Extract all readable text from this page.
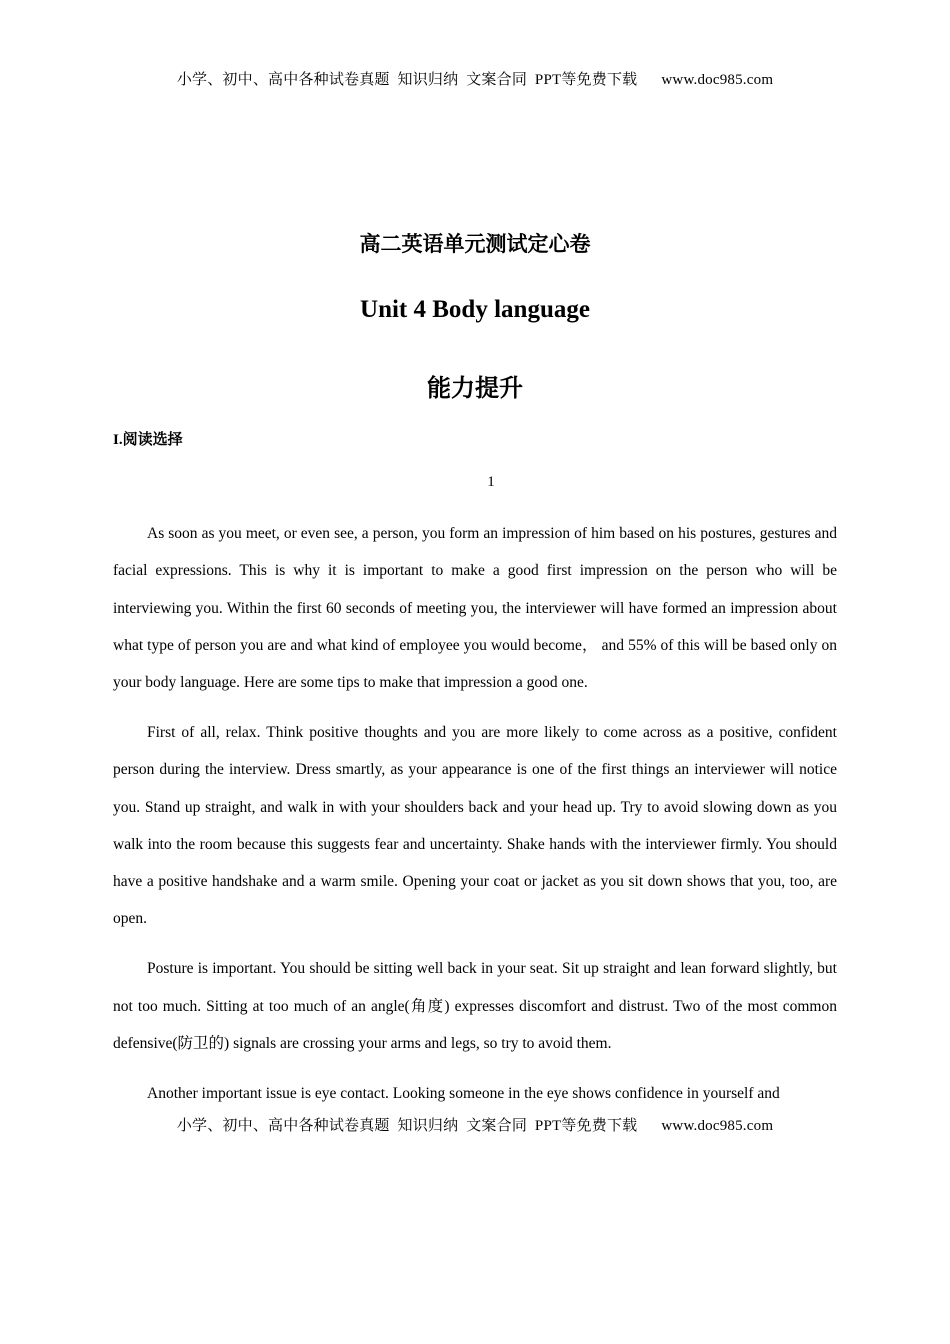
小学、初中、高中各种试卷真题  知识归纳  文案合同  PPT等免费下载 www.doc985.com
高二英语单元测试定心卷
Unit 4 Body language
能力提升
I.阅读选择
1

As soon as you meet, or even see, a person, you form an impression of him based on his postures, gestures and facial expressions. This is why it is important to make a good first impression on the person who will be interviewing you. Within the first 60 seconds of meeting you, the interviewer will have formed an impression about what type of person you are and what kind of employee you would become， and 55% of this will be based only on your body language. Here are some tips to make that impression a good one.

First of all, relax. Think positive thoughts and you are more likely to come across as a positive, confident person during the interview. Dress smartly, as your appearance is one of the first things an interviewer will notice you. Stand up straight, and walk in with your shoulders back and your head up. Try to avoid slowing down as you walk into the room because this suggests fear and uncertainty. Shake hands with the interviewer firmly. You should have a positive handshake and a warm smile. Opening your coat or jacket as you sit down shows that you, too, are open.

Posture is important. You should be sitting well back in your seat. Sit up straight and lean forward slightly, but not too much. Sitting at too much of an angle(角度) expresses discomfort and distrust. Two of the most common defensive(防卫的) signals are crossing your arms and legs, so try to avoid them.

Another important issue is eye contact. Looking someone in the eye shows confidence in yourself and

小学、初中、高中各种试卷真题  知识归纳  文案合同  PPT等免费下载 www.doc985.com
